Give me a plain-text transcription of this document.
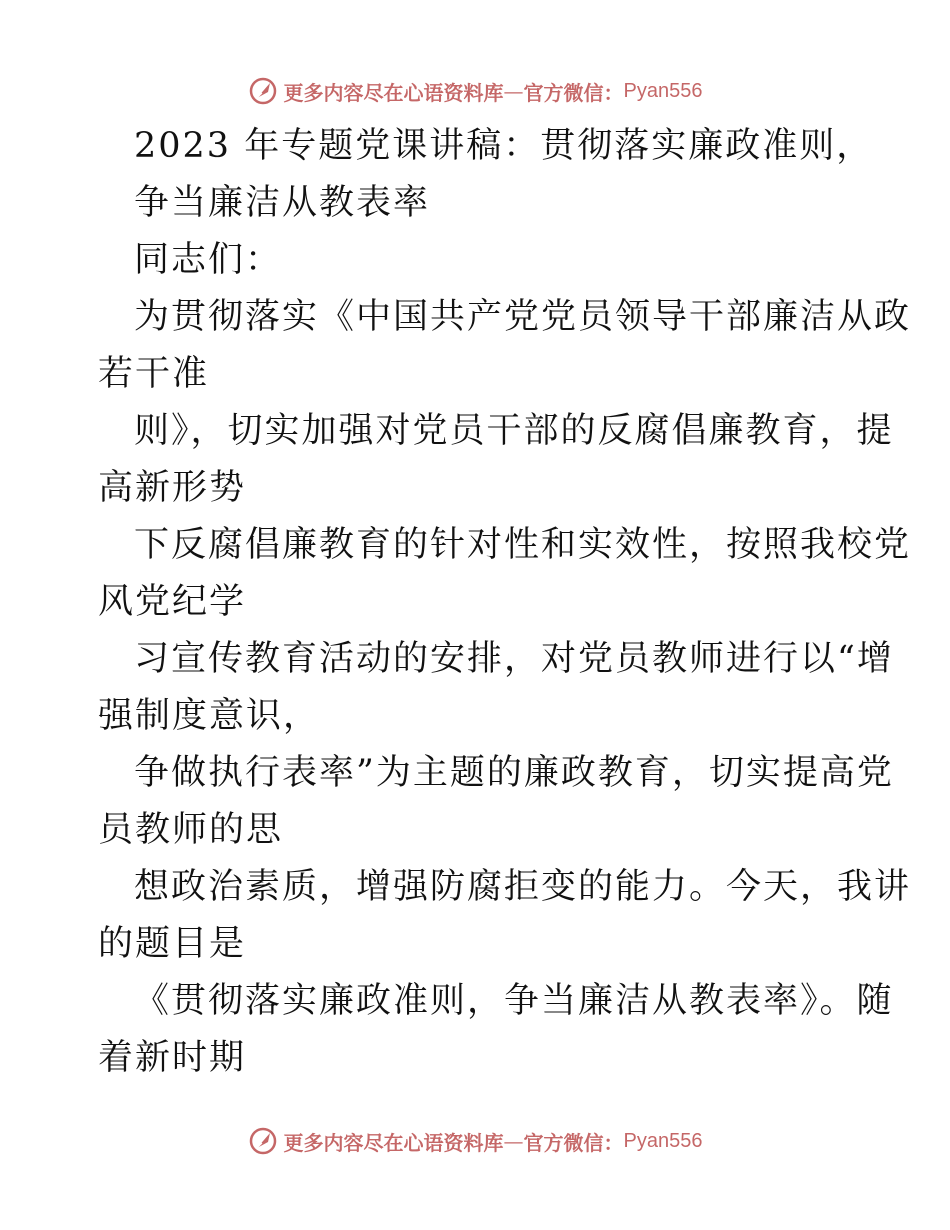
更多内容尽在心语资料库 — 官方微信： Pyan556
2023 年专题党课讲稿：贯彻落实廉政准则，
争当廉洁从教表率
同志们：
为贯彻落实《中国共产党党员领导干部廉洁从政
若干准
则》，切实加强对党员干部的反腐倡廉教育，提
高新形势
下反腐倡廉教育的针对性和实效性，按照我校党
风党纪学
习宣传教育活动的安排，对党员教师进行以“增
强制度意识，
争做执行表率”为主题的廉政教育，切实提高党
员教师的思
想政治素质，增强防腐拒变的能力。今天，我讲
的题目是
《贯彻落实廉政准则，争当廉洁从教表率》。随
着新时期
更多内容尽在心语资料库 — 官方微信： Pyan556
